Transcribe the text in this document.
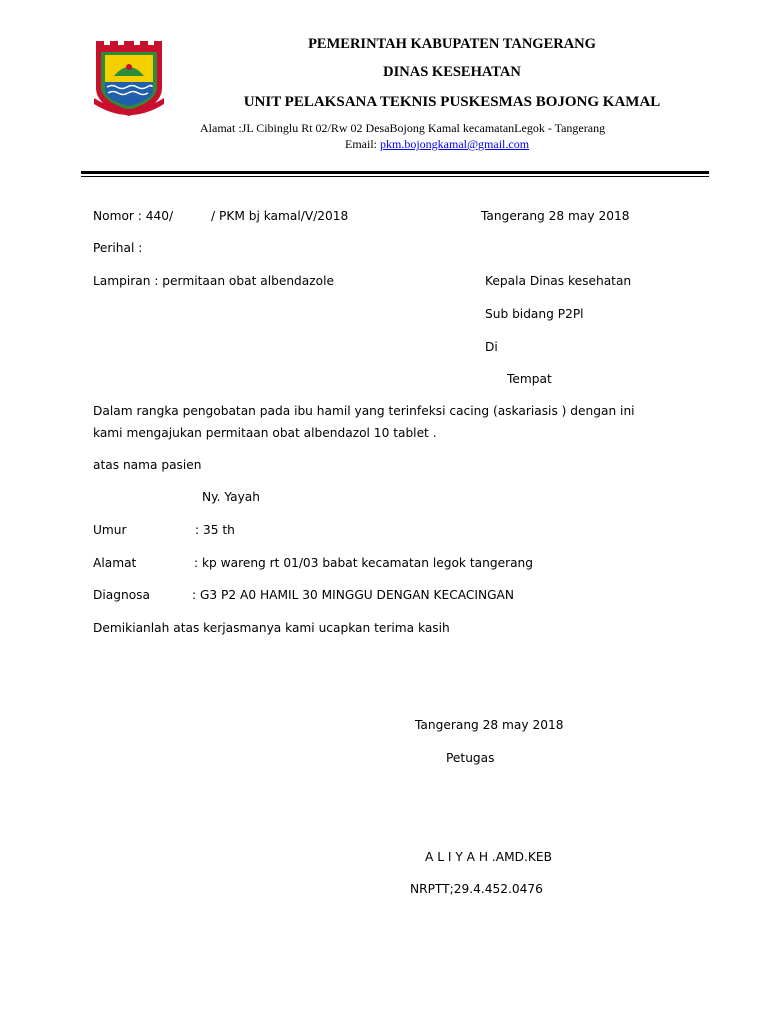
PEMERINTAH KABUPATEN TANGERANG
DINAS KESEHATAN
UNIT PELAKSANA TEKNIS PUSKESMAS BOJONG KAMAL
Alamat :JL Cibinglu Rt 02/Rw 02 DesaBojong Kamal kecamatanLegok - Tangerang
Email: pkm.bojongkamal@gmail.com
Nomor : 440/	/ PKM bj kamal/V/2018	Tangerang 28 may 2018
Perihal :
Lampiran : permitaan obat albendazole	Kepala Dinas kesehatan
Sub bidang P2Pl
Di
Tempat
Dalam rangka pengobatan pada ibu hamil yang terinfeksi cacing (askariasis ) dengan ini
kami mengajukan permitaan obat albendazol 10 tablet .
atas nama pasien
Ny. Yayah
Umur	: 35 th
Alamat	: kp wareng rt 01/03 babat kecamatan legok tangerang
Diagnosa	: G3 P2 A0 HAMIL 30 MINGGU DENGAN KECACINGAN
Demikianlah atas kerjasmanya kami ucapkan terima kasih
Tangerang 28 may 2018
Petugas
A L I Y A H .AMD.KEB
NRPTT;29.4.452.0476
